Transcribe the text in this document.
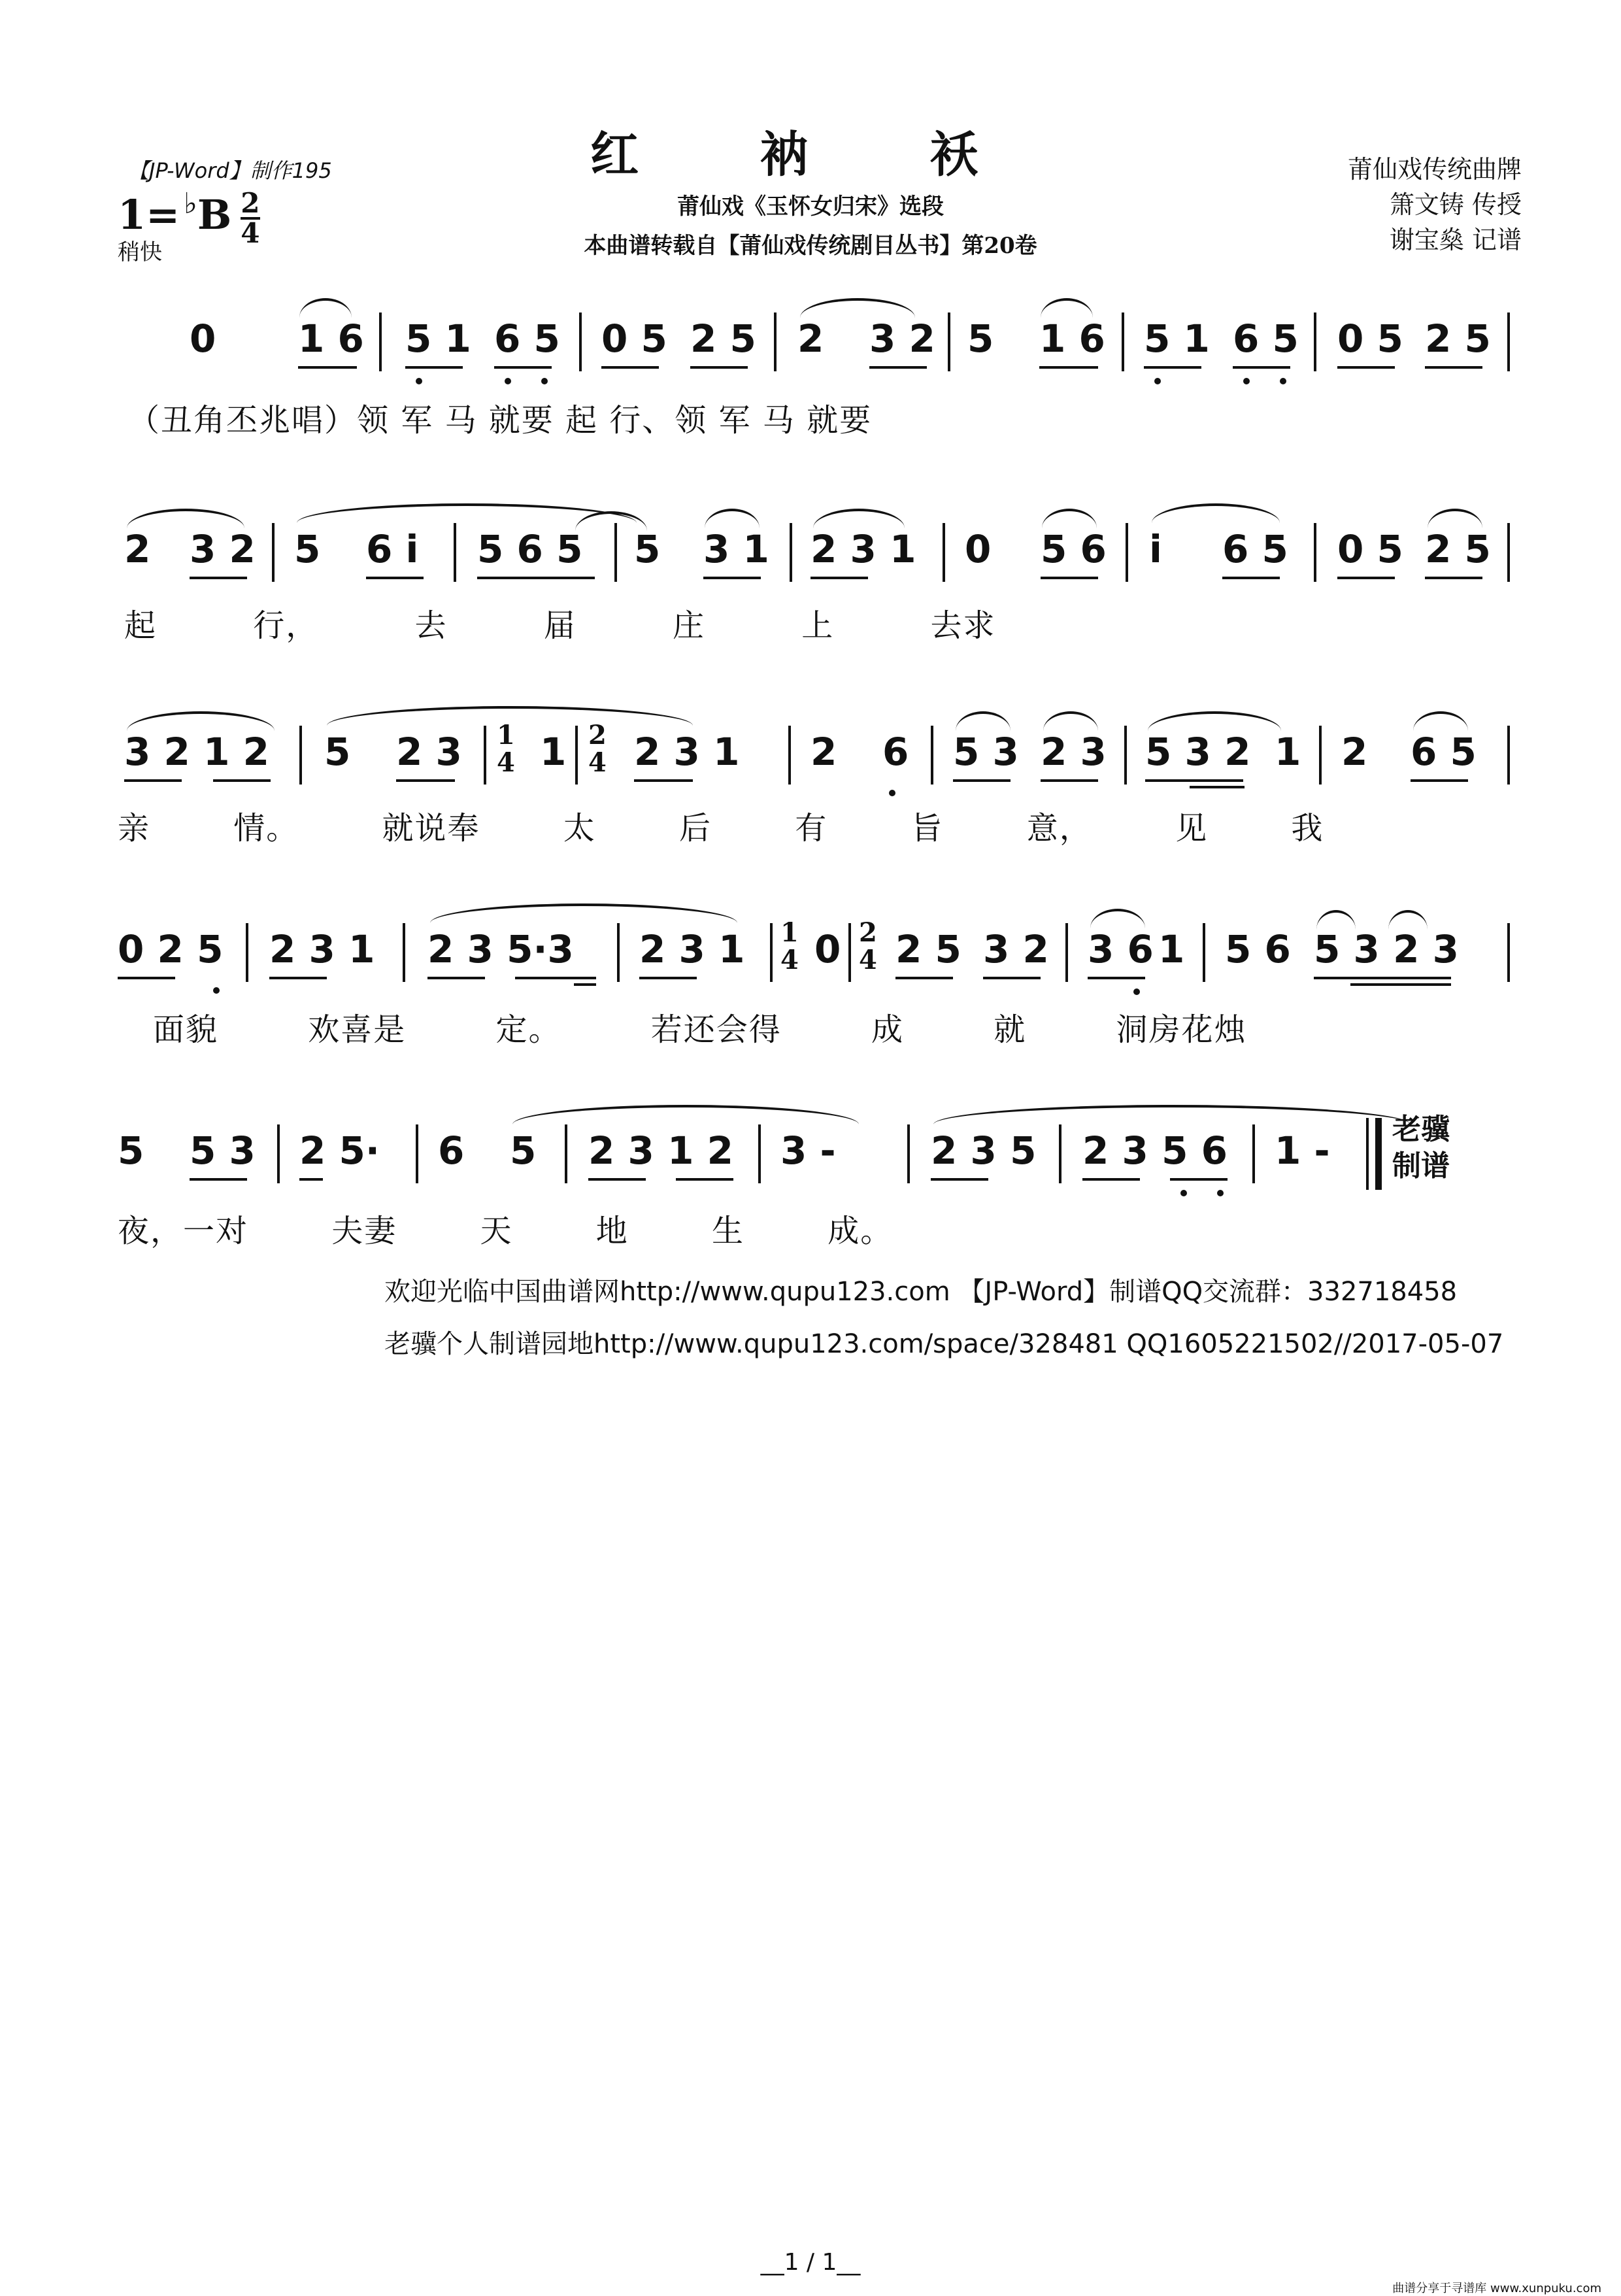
【JP-Word】制作195	红 衲 袄
莆仙戏《玉怀女归宋》选段
本曲谱转载自【莆仙戏传统剧目丛书】第20卷
$1= ^♭B \frac{2}{4}$
稍快
莆仙戏传统曲牌
箫文铸 传授
谢宝燊 记谱
0 1 6 5 1 6 5 0 5 2 5 2 3 2 5 1 6 5 1 6 5 0 5 2 5
（丑角丕兆唱）领 军 马 就要 起 行、领 军 马 就要
2 3 2 5 6 i 5 6 5 5 3 1 2 3 1 0 5 6 i 6 5 0 5 2 5
起 行， 去 届 庄 上 去求
3 2 1 2 5 2 3 1
4 1 2
4 2 3 1 2 6 5 3 2 3 5 3 2 1 2 6 5
亲 情。 就说奉 太 后 有 旨 意， 见 我
0 2 5 2 3 1 2 3 5·3 2 3 1 1
4 0 2
4 2 5 3 2 3 6 1 5 6 5 3 2 3
面貌 欢喜是 定。 若还会得 成 就 洞房花烛
5 5 3 2 5· 6 5 2 3 1 2 3 -	2 3 5 2 3 5 6 1 - 老骥 制谱
夜，一对 夫妻 天 地 生 成。
欢迎光临中国曲谱网http://www.qupu123.com 【JP-Word】制谱QQ交流群：332718458
老骥个人制谱园地http://www.qupu123.com/space/328481 QQ1605221502//2017-05-07
__1 / 1__
曲谱分享于寻谱库 www.xunpuku.com
